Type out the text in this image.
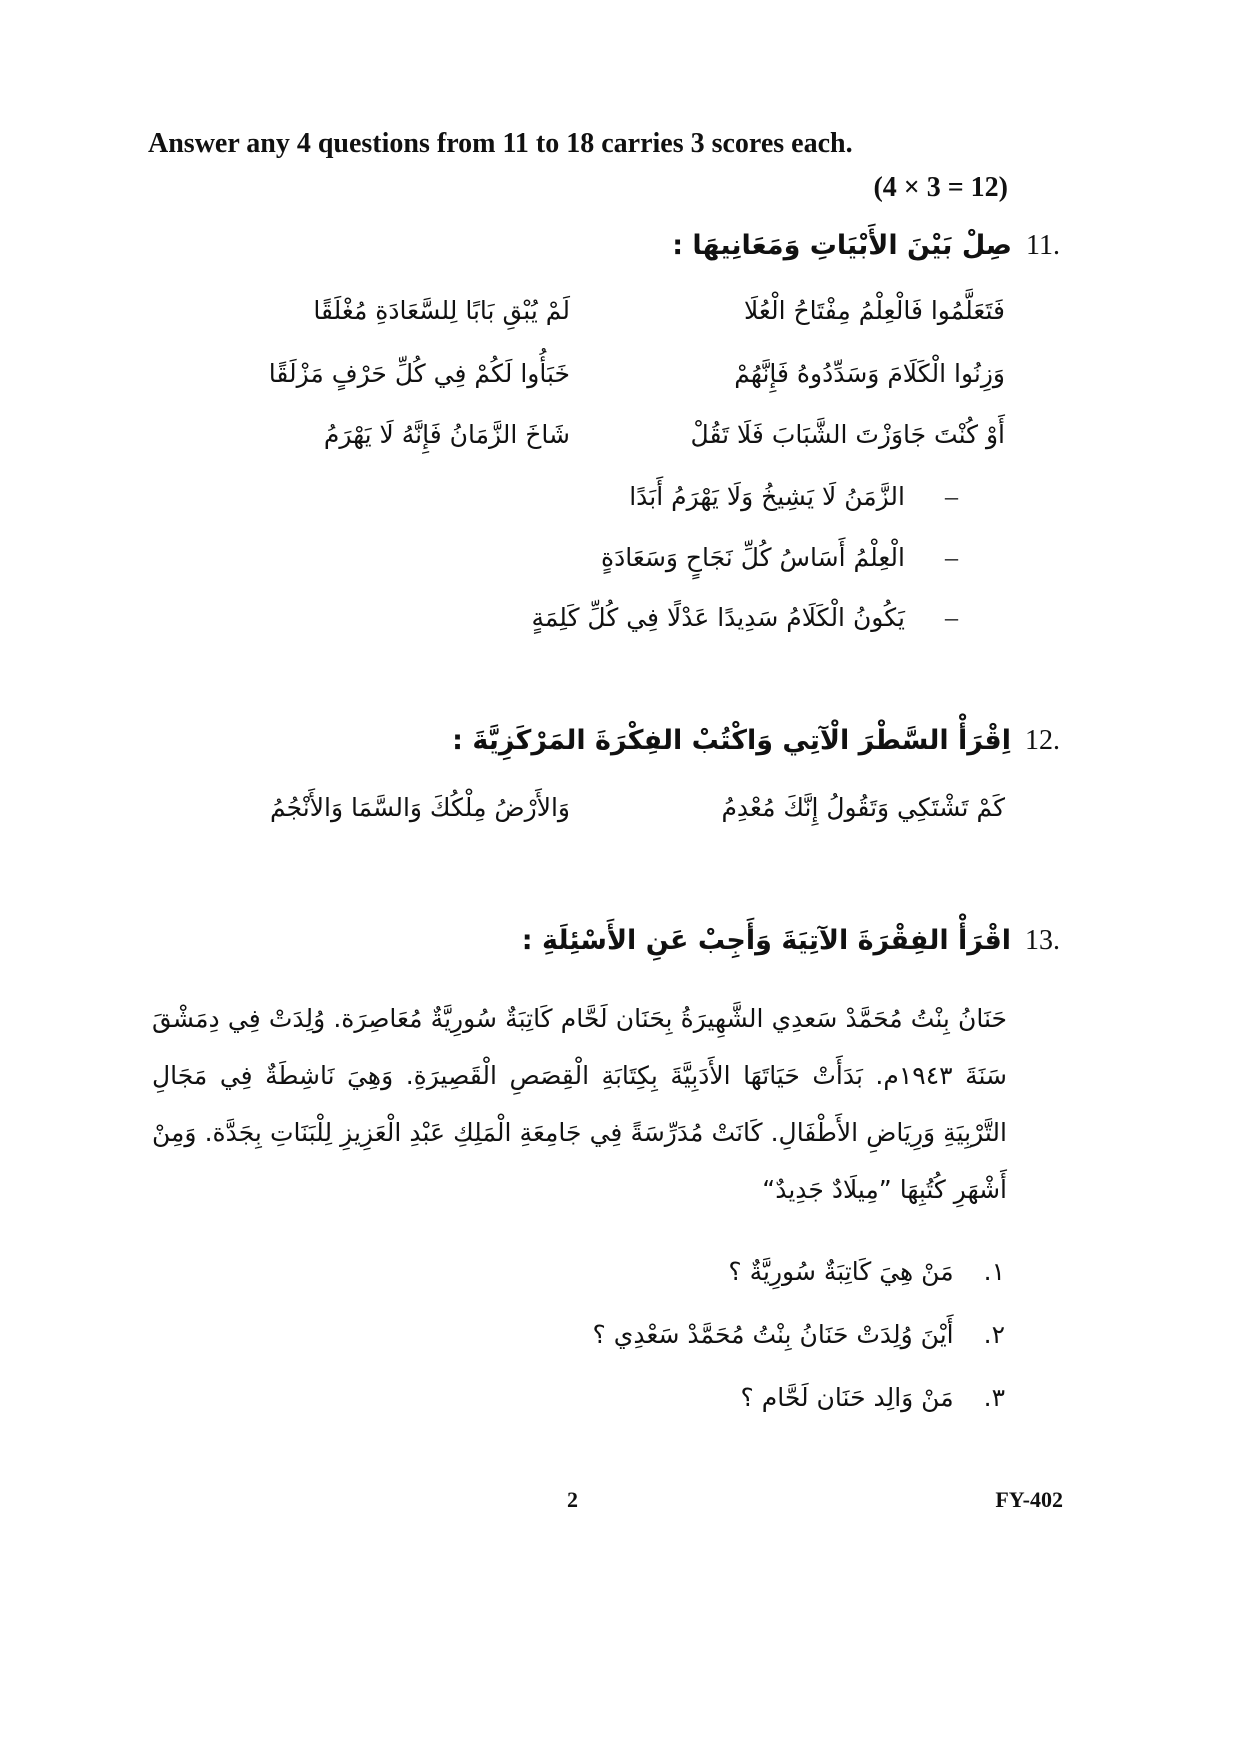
Answer any 4 questions from 11 to 18 carries 3 scores each.
(4 × 3 = 12)
11.
صِلْ بَيْنَ الأَبْيَاتِ وَمَعَانِيهَا :
فَتَعَلَّمُوا فَالْعِلْمُ مِفْتَاحُ الْعُلَا
لَمْ يُبْقِ بَابًا لِلسَّعَادَةِ مُغْلَقًا
وَزِنُوا الْكَلَامَ وَسَدِّدُوهُ فَإِنَّهُمْ
خَبَأُوا لَكُمْ فِي كُلِّ حَرْفٍ مَزْلَقًا
أَوْ كُنْتَ جَاوَزْتَ الشَّبَابَ فَلَا تَقُلْ
شَاخَ الزَّمَانُ فَإِنَّهُ لَا يَهْرَمُ
–
الزَّمَنُ لَا يَشِيخُ وَلَا يَهْرَمُ أَبَدًا
–
الْعِلْمُ أَسَاسُ كُلِّ نَجَاحٍ وَسَعَادَةٍ
–
يَكُونُ الْكَلَامُ سَدِيدًا عَدْلًا فِي كُلِّ كَلِمَةٍ
12.
اِقْرَأْ السَّطْرَ الْآتِي وَاكْتُبْ الفِكْرَةَ المَرْكَزِيَّةَ :
كَمْ تَشْتَكِي وَتَقُولُ إِنَّكَ مُعْدِمُ
وَالأَرْضُ مِلْكُكَ وَالسَّمَا وَالأَنْجُمُ
13.
اقْرَأْ الفِقْرَةَ الآتِيَةَ وَأَجِبْ عَنِ الأَسْئِلَةِ :
حَنَانُ بِنْتُ مُحَمَّدْ سَعدِي الشَّهِيرَةُ بِحَنَان لَحَّام كَاتِبَةٌ سُورِيَّةٌ مُعَاصِرَة. وُلِدَتْ فِي دِمَشْقَ سَنَةَ ١٩٤٣م. بَدَأَتْ حَيَاتَهَا الأَدَبِيَّةَ بِكِتَابَةِ الْقِصَصِ الْقَصِيرَةِ. وَهِيَ نَاشِطَةٌ فِي مَجَالِ التَّرْبِيَةِ وَرِيَاضِ الأَطْفَالِ. كَانَتْ مُدَرِّسَةً فِي جَامِعَةِ الْمَلِكِ عَبْدِ الْعَزِيزِ لِلْبَنَاتِ بِجَدَّة. وَمِنْ أَشْهَرِ كُتُبِهَا ”مِيلَادٌ جَدِيدٌ“
١.
مَنْ هِيَ كَاتِبَةٌ سُورِيَّةٌ ؟
٢.
أَيْنَ وُلِدَتْ حَنَانُ بِنْتُ مُحَمَّدْ سَعْدِي ؟
٣.
مَنْ وَالِد حَنَان لَحَّام ؟
2	FY-402
